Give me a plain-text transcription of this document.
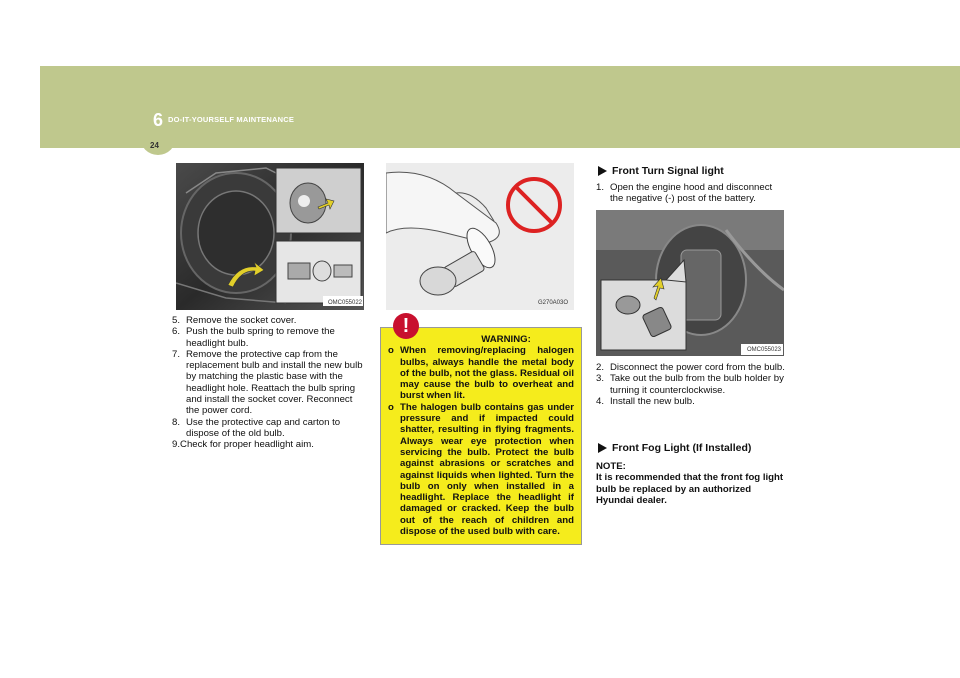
6 DO-IT-YOURSELF MAINTENANCE
24
OMC055022	G270A03O
OMC055023
5. Remove the socket cover.
6. Push the bulb spring to remove the headlight bulb.
7. Remove the protective cap from the replacement bulb and install the new bulb by matching the plastic base with the headlight hole. Reattach the bulb spring and install the socket cover. Reconnect the power cord.
8. Use the protective cap and carton to dispose of the old bulb.
9.Check for proper headlight aim.
!
WARNING:
o When removing/replacing halogen bulbs, always handle the metal body of the bulb, not the glass. Residual oil may cause the bulb to overheat and burst when lit.
o The halogen bulb contains gas under pressure and if impacted could shatter, resulting in flying fragments. Always wear eye protection when servicing the bulb. Protect the bulb against abrasions or scratches and against liquids when lighted. Turn the bulb on only when installed in a headlight. Replace the headlight if damaged or cracked. Keep the bulb out of the reach of children and dispose of the used bulb with care.
Front Turn Signal light
1. Open the engine hood and disconnect the negative (-) post of the battery.
2. Disconnect the power cord from the bulb.
3. Take out the bulb from the bulb holder by turning it counterclockwise.
4. Install the new bulb.
Front Fog Light (If Installed)
NOTE:
It is recommended that the front fog light bulb be replaced by an authorized Hyundai dealer.
